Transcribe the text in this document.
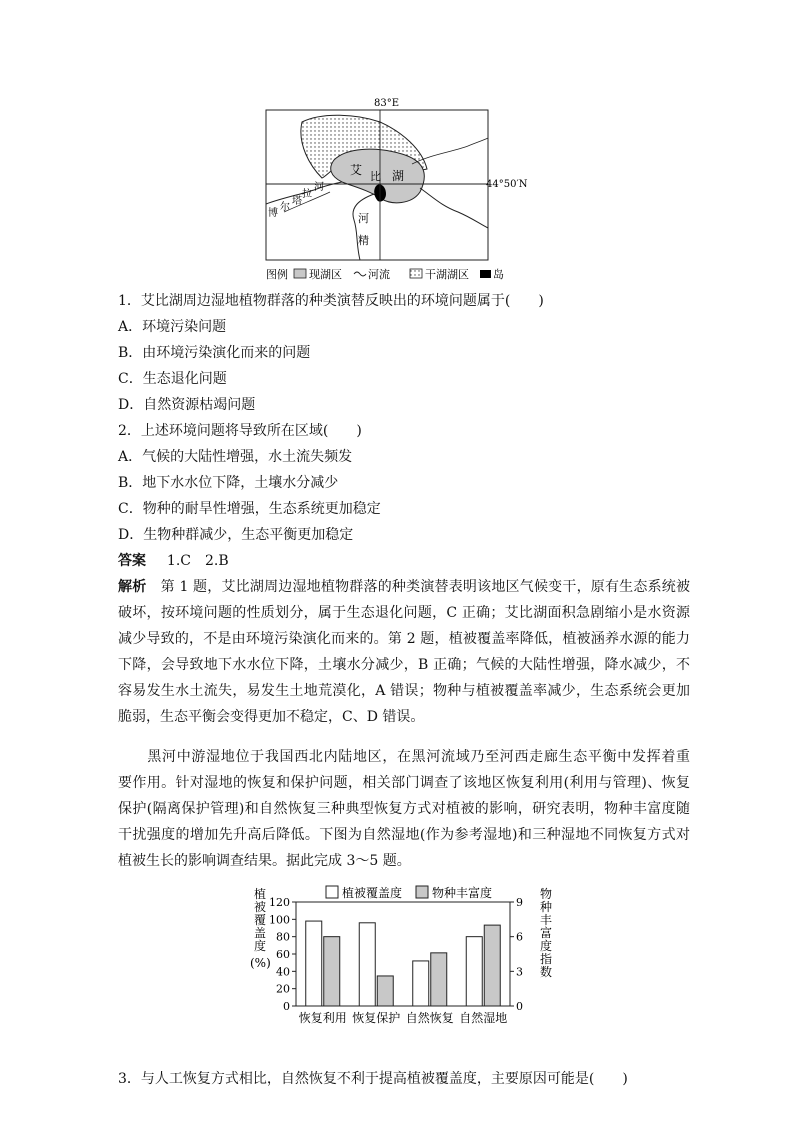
83°E
44°50′N
艾 比 湖
博
尔
塔
拉
河
河
精
图例 现湖区 河流	干湖湖区 岛
1．艾比湖周边湿地植物群落的种类演替反映出的环境问题属于(　　)
A．环境污染问题
B．由环境污染演化而来的问题
C．生态退化问题
D．自然资源枯竭问题
2．上述环境问题将导致所在区域(　　)
A．气候的大陆性增强，水土流失频发
B．地下水水位下降，土壤水分减少
C．物种的耐旱性增强，生态系统更加稳定
D．生物种群减少，生态平衡更加稳定
答案 1.C　2.B
解析　第 1 题，艾比湖周边湿地植物群落的种类演替表明该地区气候变干，原有生态系统被
破坏，按环境问题的性质划分，属于生态退化问题，C 正确；艾比湖面积急剧缩小是水资源
减少导致的，不是由环境污染演化而来的。第 2 题，植被覆盖率降低，植被涵养水源的能力
下降，会导致地下水水位下降，土壤水分减少，B 正确；气候的大陆性增强，降水减少，不
容易发生水土流失，易发生土地荒漠化，A 错误；物种与植被覆盖率减少，生态系统会更加
脆弱，生态平衡会变得更加不稳定，C、D 错误。
　　黑河中游湿地位于我国西北内陆地区，在黑河流域乃至河西走廊生态平衡中发挥着重
要作用。针对湿地的恢复和保护问题，相关部门调查了该地区恢复利用(利用与管理)、恢复
保护(隔离保护管理)和自然恢复三种典型恢复方式对植被的影响，研究表明，物种丰富度随
干扰强度的增加先升高后降低。下图为自然湿地(作为参考湿地)和三种湿地不同恢复方式对
植被生长的影响调查结果。据此完成 3～5 题。
植被覆盖度(%)
物种丰富度指数
植被覆盖度 物种丰富度
0
20
40
60
80
100
120
0
3
6
9
恢复利用 恢复保护 自然恢复 自然湿地
3．与人工恢复方式相比，自然恢复不利于提高植被覆盖度，主要原因可能是(　　)
